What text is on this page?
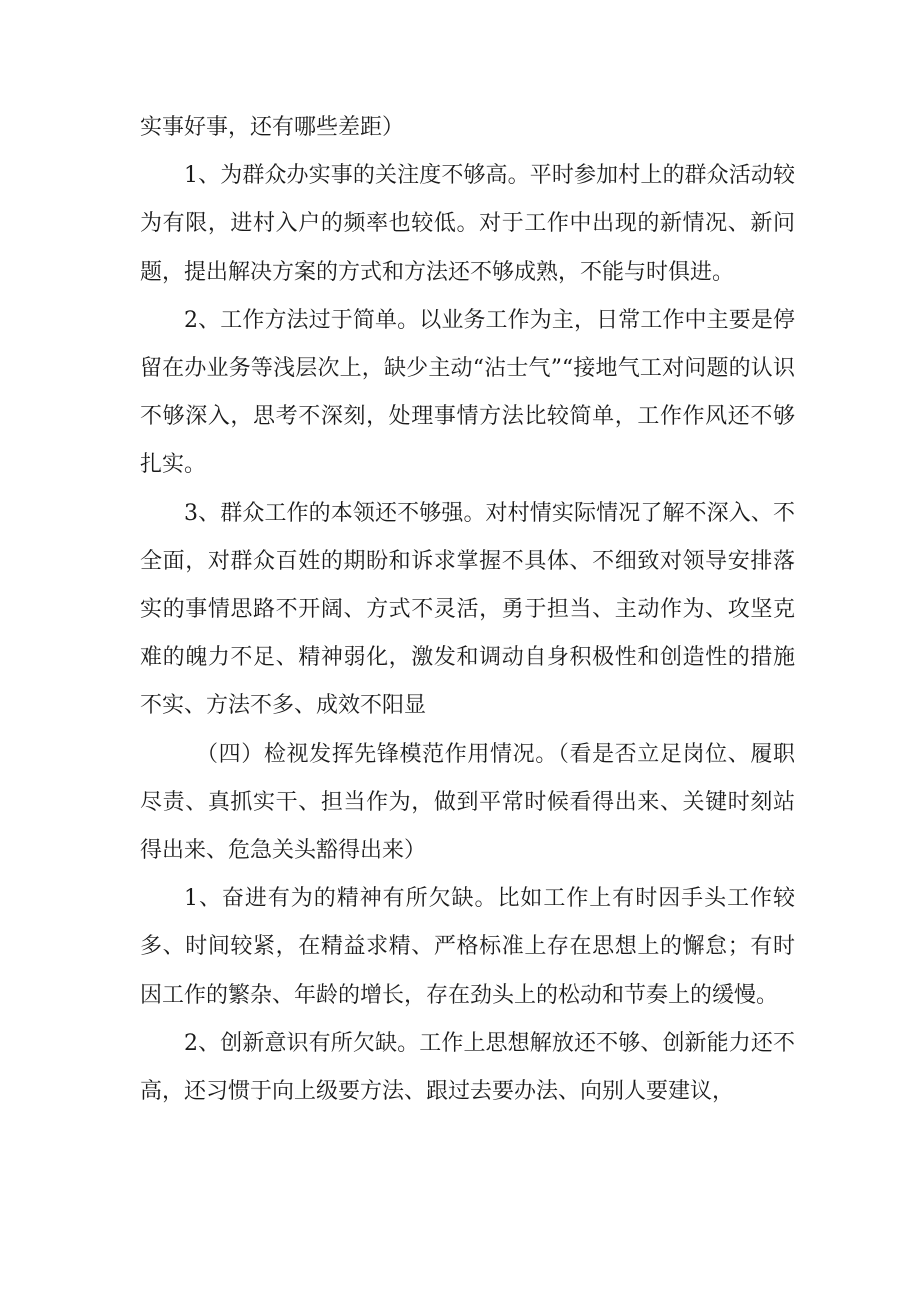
实事好事，还有哪些差距）

1、为群众办实事的关注度不够高。平时参加村上的群众活动较为有限，进村入户的频率也较低。对于工作中出现的新情况、新问题，提出解决方案的方式和方法还不够成熟，不能与时俱进。

2、工作方法过于简单。以业务工作为主，日常工作中主要是停留在办业务等浅层次上，缺少主动“沾士气”“接地气工对问题的认识不够深入，思考不深刻，处理事情方法比较简单，工作作风还不够扎实。

3、群众工作的本领还不够强。对村情实际情况了解不深入、不全面，对群众百姓的期盼和诉求掌握不具体、不细致对领导安排落实的事情思路不开阔、方式不灵活，勇于担当、主动作为、攻坚克难的魄力不足、精神弱化，激发和调动自身积极性和创造性的措施不实、方法不多、成效不阳显

（四）检视发挥先锋模范作用情况。（看是否立足岗位、履职尽责、真抓实干、担当作为，做到平常时候看得出来、关键时刻站得出来、危急关头豁得出来）

1、奋进有为的精神有所欠缺。比如工作上有时因手头工作较多、时间较紧，在精益求精、严格标准上存在思想上的懈怠；有时因工作的繁杂、年龄的增长，存在劲头上的松动和节奏上的缓慢。

2、创新意识有所欠缺。工作上思想解放还不够、创新能力还不高，还习惯于向上级要方法、跟过去要办法、向别人要建议，
